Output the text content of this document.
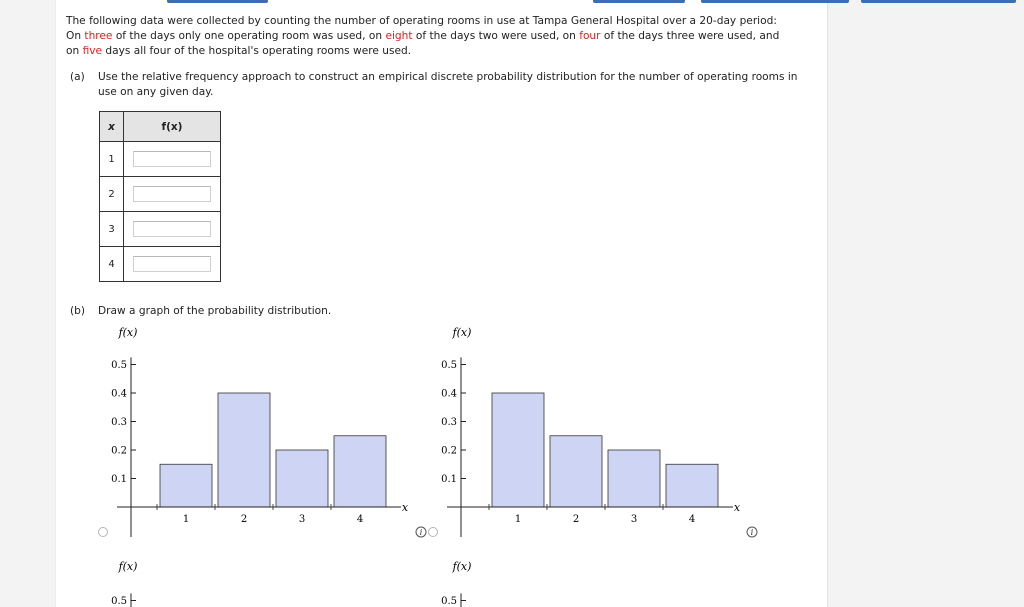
The following data were collected by counting the number of operating rooms in use at Tampa General Hospital over a 20-day period:
On three of the days only one operating room was used, on eight of the days two were used, on four of the days three were used, and
on five days all four of the hospital's operating rooms were used.
(a) Use the relative frequency approach to construct an empirical discrete probability distribution for the number of operating rooms in use on any given day.
x	f(x)
1	

2	

3	

4	
(b) Draw a graph of the probability distribution.
f(x)
0.1
0.2
0.3
0.4
0.5
1	2	3	4
x
f(x)
0.1
0.2
0.3
0.4
0.5
1	2	3	4
x
i	i
f(x)
0.5
f(x)
0.5
